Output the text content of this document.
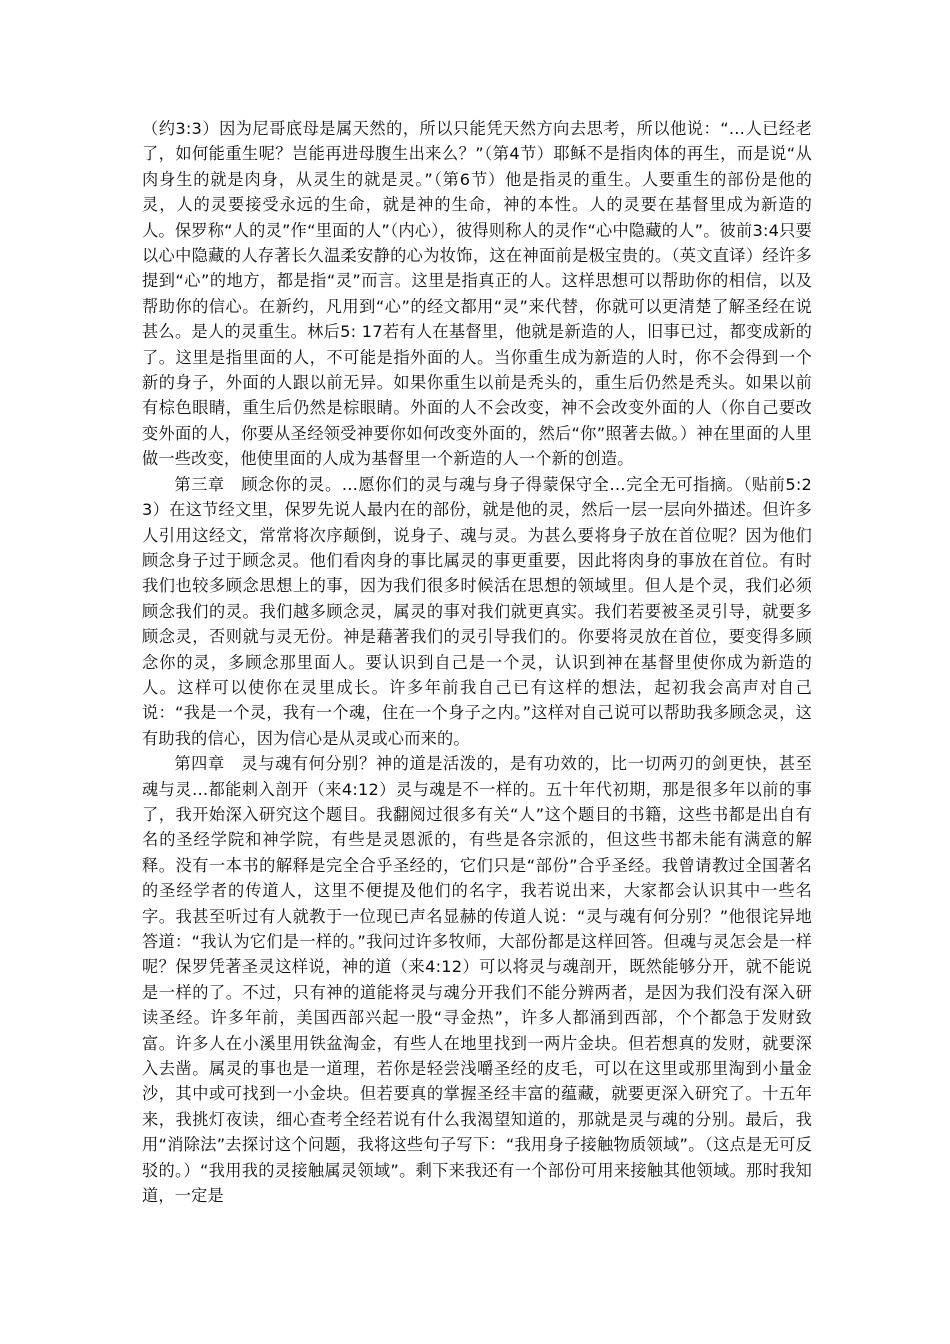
（约3:3）因为尼哥底母是属天然的，所以只能凭天然方向去思考，所以他说：“…人已经老了，如何能重生呢？岂能再进母腹生出来么？”（第4节）耶稣不是指肉体的再生，而是说“从肉身生的就是肉身，从灵生的就是灵。”（第6节）他是指灵的重生。人要重生的部份是他的灵，人的灵要接受永远的生命，就是神的生命，神的本性。人的灵要在基督里成为新造的人。保罗称“人的灵”作“里面的人”（内心），彼得则称人的灵作“心中隐藏的人”。彼前3:4只要以心中隐藏的人存著长久温柔安静的心为妆饰，这在神面前是极宝贵的。（英文直译）经许多提到“心”的地方，都是指“灵”而言。这里是指真正的人。这样思想可以帮助你的相信，以及帮助你的信心。在新约，凡用到“心”的经文都用“灵”来代替，你就可以更清楚了解圣经在说甚么。是人的灵重生。林后5: 17若有人在基督里，他就是新造的人，旧事已过，都变成新的了。这里是指里面的人，不可能是指外面的人。当你重生成为新造的人时，你不会得到一个新的身子，外面的人跟以前无异。如果你重生以前是秃头的，重生后仍然是秃头。如果以前有棕色眼睛，重生后仍然是棕眼睛。外面的人不会改变，神不会改变外面的人（你自己要改变外面的人，你要从圣经领受神要你如何改变外面的，然后“你”照著去做。）神在里面的人里做一些改变，他使里面的人成为基督里一个新造的人一个新的创造。

第三章　顾念你的灵。…愿你们的灵与魂与身子得蒙保守全…完全无可指摘。（贴前5:23）在这节经文里，保罗先说人最内在的部份，就是他的灵，然后一层一层向外描述。但许多人引用这经文，常常将次序颠倒，说身子、魂与灵。为甚么要将身子放在首位呢？因为他们顾念身子过于顾念灵。他们看肉身的事比属灵的事更重要，因此将肉身的事放在首位。有时我们也较多顾念思想上的事，因为我们很多时候活在思想的领域里。但人是个灵，我们必须顾念我们的灵。我们越多顾念灵，属灵的事对我们就更真实。我们若要被圣灵引导，就要多顾念灵，否则就与灵无份。神是藉著我们的灵引导我们的。你要将灵放在首位，要变得多顾念你的灵，多顾念那里面人。要认识到自己是一个灵，认识到神在基督里使你成为新造的人。这样可以使你在灵里成长。许多年前我自己已有这样的想法，起初我会高声对自己说：“我是一个灵，我有一个魂，住在一个身子之内。”这样对自己说可以帮助我多顾念灵，这有助我的信心，因为信心是从灵或心而来的。

第四章　灵与魂有何分别？神的道是活泼的，是有功效的，比一切两刃的剑更快，甚至魂与灵…都能刺入剖开（来4:12）灵与魂是不一样的。五十年代初期，那是很多年以前的事了，我开始深入研究这个题目。我翻阅过很多有关“人”这个题目的书籍，这些书都是出自有名的圣经学院和神学院，有些是灵恩派的，有些是各宗派的，但这些书都未能有满意的解释。没有一本书的解释是完全合乎圣经的，它们只是“部份”合乎圣经。我曾请教过全国著名的圣经学者的传道人，这里不便提及他们的名字，我若说出来，大家都会认识其中一些名字。我甚至听过有人就教于一位现已声名显赫的传道人说：“灵与魂有何分别？”他很诧异地答道：“我认为它们是一样的。”我问过许多牧师，大部份都是这样回答。但魂与灵怎会是一样呢？保罗凭著圣灵这样说，神的道（来4:12）可以将灵与魂剖开，既然能够分开，就不能说是一样的了。不过，只有神的道能将灵与魂分开我们不能分辨两者，是因为我们没有深入研读圣经。许多年前，美国西部兴起一股“寻金热”，许多人都涌到西部，个个都急于发财致富。许多人在小溪里用铁盆淘金，有些人在地里找到一两片金块。但若想真的发财，就要深入去凿。属灵的事也是一道理，若你是轻尝浅嚼圣经的皮毛，可以在这里或那里淘到小量金沙，其中或可找到一小金块。但若要真的掌握圣经丰富的蕴藏，就要更深入研究了。十五年来，我挑灯夜读，细心查考全经若说有什么我渴望知道的，那就是灵与魂的分别。最后，我用“消除法”去探讨这个问题，我将这些句子写下：“我用身子接触物质领域”。（这点是无可反驳的。）“我用我的灵接触属灵领域”。剩下来我还有一个部份可用来接触其他领域。那时我知道，一定是
